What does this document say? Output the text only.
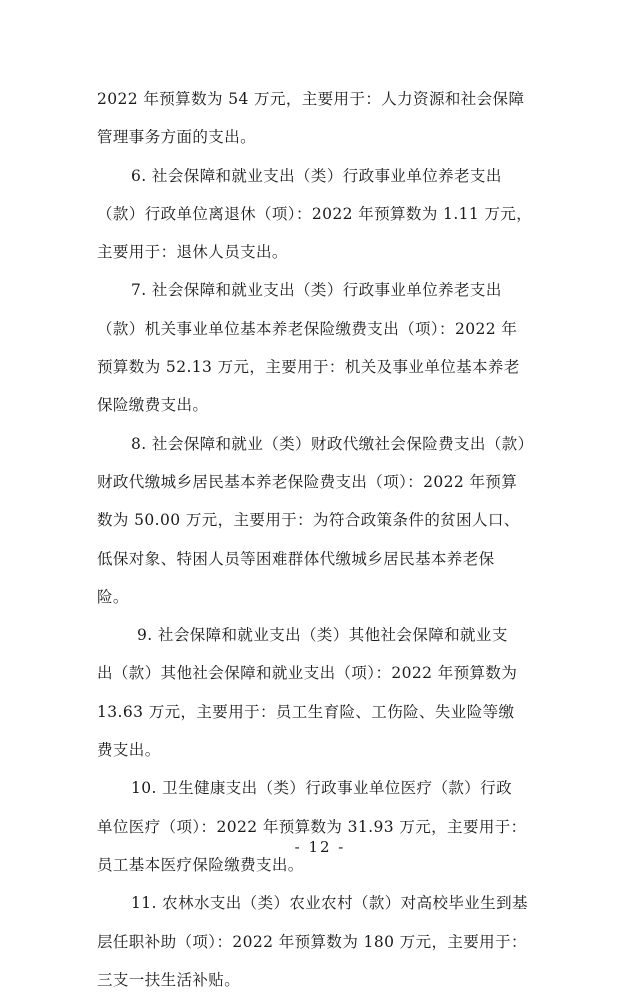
2022 年预算数为 54 万元，主要用于：人力资源和社会保障
管理事务方面的支出。
6. 社会保障和就业支出（类）行政事业单位养老支出
（款）行政单位离退休（项）：2022 年预算数为 1.11 万元，
主要用于：退休人员支出。
7. 社会保障和就业支出（类）行政事业单位养老支出
（款）机关事业单位基本养老保险缴费支出（项）：2022 年
预算数为 52.13 万元，主要用于：机关及事业单位基本养老
保险缴费支出。
8. 社会保障和就业（类）财政代缴社会保险费支出（款）
财政代缴城乡居民基本养老保险费支出（项）：2022 年预算
数为 50.00 万元，主要用于：为符合政策条件的贫困人口、
低保对象、特困人员等困难群体代缴城乡居民基本养老保
险。
9. 社会保障和就业支出（类）其他社会保障和就业支
出（款）其他社会保障和就业支出（项）：2022 年预算数为
13.63 万元，主要用于：员工生育险、工伤险、失业险等缴
费支出。
10. 卫生健康支出（类）行政事业单位医疗（款）行政
单位医疗（项）：2022 年预算数为 31.93 万元，主要用于：
员工基本医疗保险缴费支出。
11. 农林水支出（类）农业农村（款）对高校毕业生到基
层任职补助（项）：2022 年预算数为 180 万元，主要用于：
三支一扶生活补贴。
- 12 -
